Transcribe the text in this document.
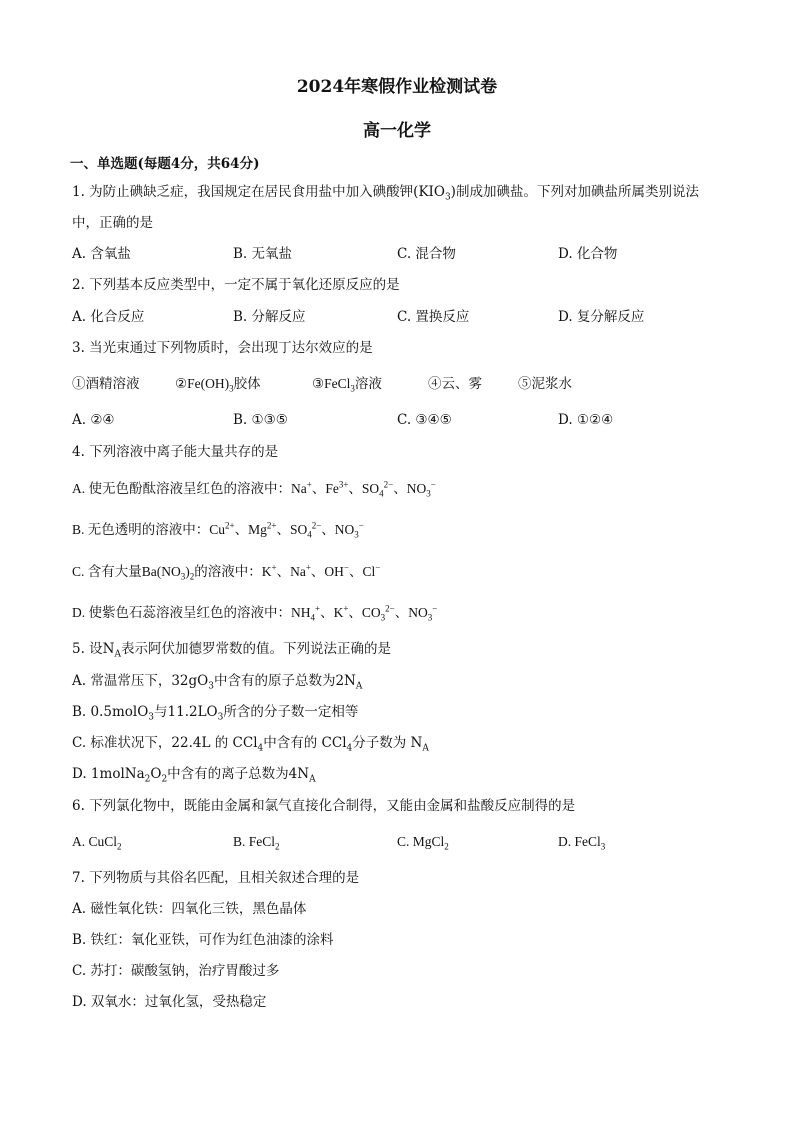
2024年寒假作业检测试卷
高一化学
一、单选题(每题4分，共64分)
1. 为防止碘缺乏症，我国规定在居民食用盐中加入碘酸钾$(KIO_3)$制成加碘盐。下列对加碘盐所属类别说法
中，正确的是
A. 含氧盐	B. 无氧盐	C. 混合物	D. 化合物
2. 下列基本反应类型中，一定不属于氧化还原反应的是
A. 化合反应	B. 分解反应	C. 置换反应	D. 复分解反应
3. 当光束通过下列物质时，会出现丁达尔效应的是
①酒精溶液	$②Fe(OH)_3$胶体	③FeCl$_3$溶液	④云、雾	⑤泥浆水
A. ②④	B. ①③⑤	C. ③④⑤	D. ①②④
4. 下列溶液中离子能大量共存的是
A. 使无色酚酞溶液呈红色的溶液中：Na+、$Fe^{3+}$、$SO_4^{2-}$、$NO_3^-$
B. 无色透明的溶液中：$Cu^{2+}$、$Mg^{2+}$、$SO_4^{2-}$、$NO_3^-$
C. 含有大量$Ba(NO_3)_2$的溶液中：K+、Na+、OH−、Cl−
D. 使紫色石蕊溶液呈红色的溶液中：$NH_4^+$、K+、$CO_3^{2-}$、$NO_3^-$
5. 设$N_A$表示阿伏加德罗常数的值。下列说法正确的是
A. 常温常压下，$32gO_3$中含有的原子总数为$2N_A$
B. 0.5molO$_3$与$11.2LO_3$所含的分子数一定相等
C. 标准状况下，22.4L 的 CCl$_4$中含有的 CCl$_4$分子数为 $N_A$
D. $1molNa_2O_2$中含有的离子总数为$4N_A$
6. 下列氯化物中，既能由金属和氯气直接化合制得，又能由金属和盐酸反应制得的是
A. CuCl$_2$	B. FeCl$_2$	C. MgCl$_2$	D. FeCl$_3$
7. 下列物质与其俗名匹配，且相关叙述合理的是
A. 磁性氧化铁：四氧化三铁，黑色晶体
B. 铁红：氧化亚铁，可作为红色油漆的涂料
C. 苏打：碳酸氢钠，治疗胃酸过多
D. 双氧水：过氧化氢，受热稳定
